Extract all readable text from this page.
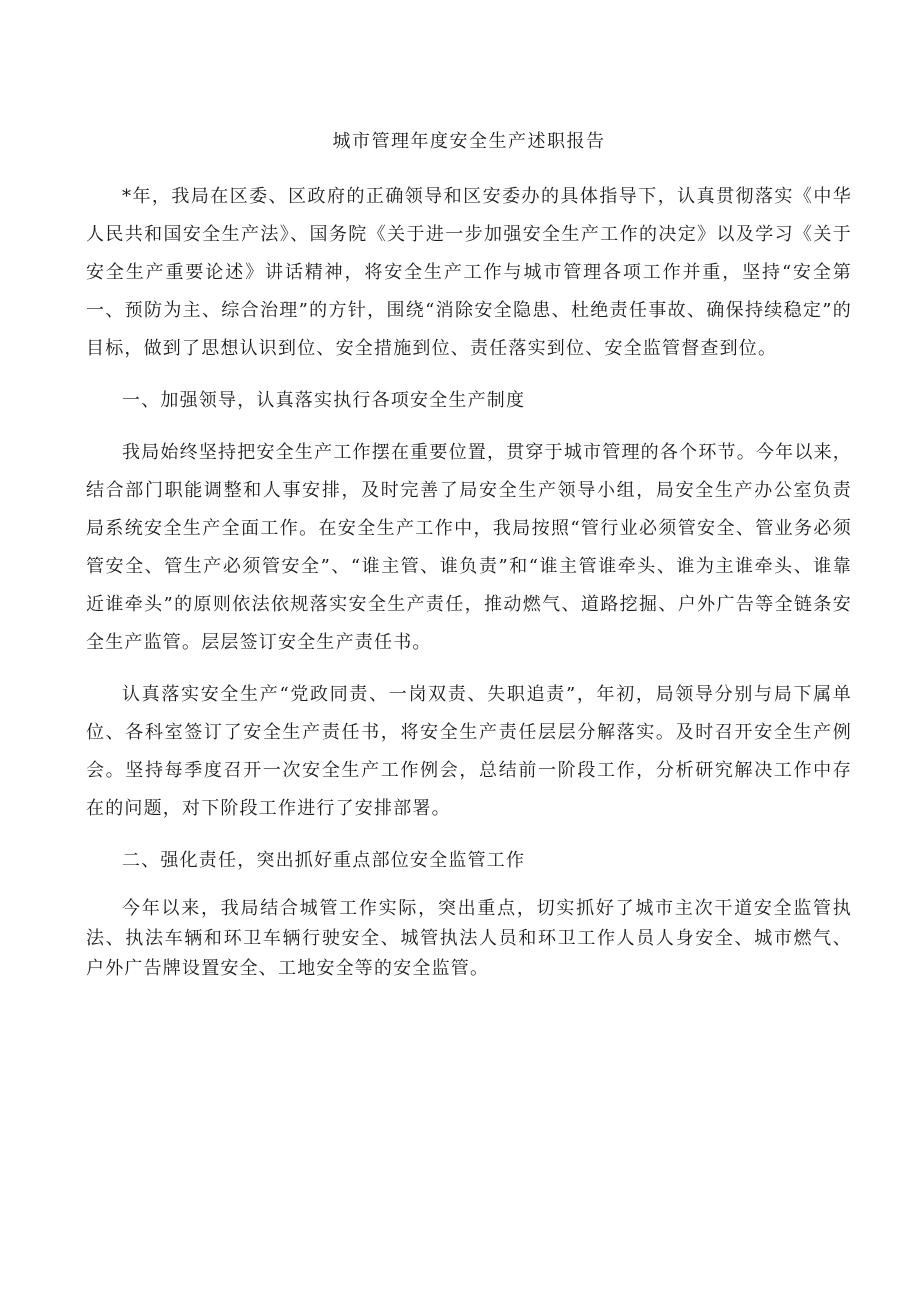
城市管理年度安全生产述职报告

*年，我局在区委、区政府的正确领导和区安委办的具体指导下，认真贯彻落实《中华人民共和国安全生产法》、国务院《关于进一步加强安全生产工作的决定》以及学习《关于安全生产重要论述》讲话精神，将安全生产工作与城市管理各项工作并重，坚持“安全第一、预防为主、综合治理”的方针，围绕“消除安全隐患、杜绝责任事故、确保持续稳定”的目标，做到了思想认识到位、安全措施到位、责任落实到位、安全监管督查到位。

一、加强领导，认真落实执行各项安全生产制度

我局始终坚持把安全生产工作摆在重要位置，贯穿于城市管理的各个环节。今年以来，结合部门职能调整和人事安排，及时完善了局安全生产领导小组，局安全生产办公室负责局系统安全生产全面工作。在安全生产工作中，我局按照“管行业必须管安全、管业务必须管安全、管生产必须管安全”、“谁主管、谁负责”和“谁主管谁牵头、谁为主谁牵头、谁靠近谁牵头”的原则依法依规落实安全生产责任，推动燃气、道路挖掘、户外广告等全链条安全生产监管。层层签订安全生产责任书。

认真落实安全生产“党政同责、一岗双责、失职追责”，年初，局领导分别与局下属单位、各科室签订了安全生产责任书，将安全生产责任层层分解落实。及时召开安全生产例会。坚持每季度召开一次安全生产工作例会，总结前一阶段工作，分析研究解决工作中存在的问题，对下阶段工作进行了安排部署。

二、强化责任，突出抓好重点部位安全监管工作

今年以来，我局结合城管工作实际，突出重点，切实抓好了城市主次干道安全监管执法、执法车辆和环卫车辆行驶安全、城管执法人员和环卫工作人员人身安全、城市燃气、户外广告牌设置安全、工地安全等的安全监管。
